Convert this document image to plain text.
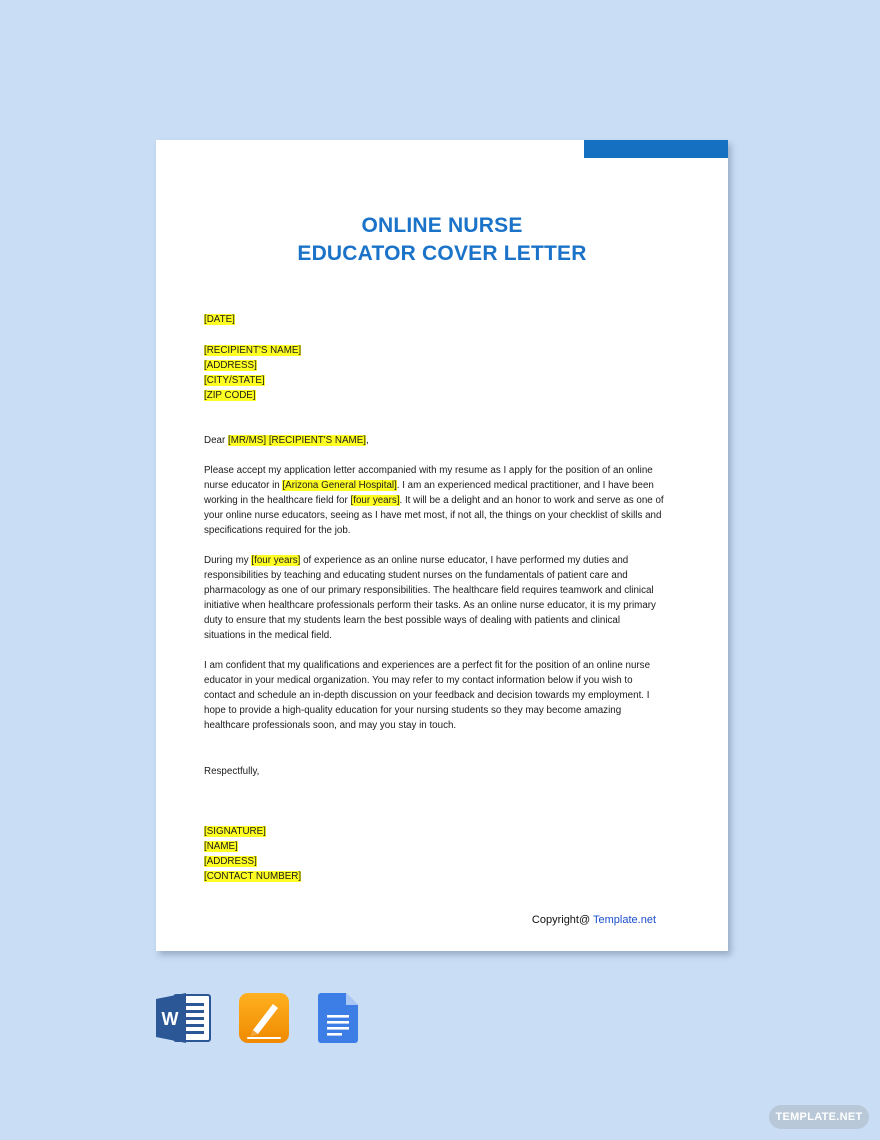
ONLINE NURSE
EDUCATOR COVER LETTER

[DATE]

[RECIPIENT'S NAME]

[ADDRESS]

[CITY/STATE]

[ZIP CODE]

Dear [MR/MS] [RECIPIENT'S NAME],

Please accept my application letter accompanied with my resume as I apply for the position of an online nurse educator in [Arizona General Hospital]. I am an experienced medical practitioner, and I have been working in the healthcare field for [four years]. It will be a delight and an honor to work and serve as one of your online nurse educators, seeing as I have met most, if not all, the things on your checklist of skills and specifications required for the job.

During my [four years] of experience as an online nurse educator, I have performed my duties and responsibilities by teaching and educating student nurses on the fundamentals of patient care and pharmacology as one of our primary responsibilities. The healthcare field requires teamwork and clinical initiative when healthcare professionals perform their tasks. As an online nurse educator, it is my primary duty to ensure that my students learn the best possible ways of dealing with patients and clinical situations in the medical field.

I am confident that my qualifications and experiences are a perfect fit for the position of an online nurse educator in your medical organization. You may refer to my contact information below if you wish to contact and schedule an in-depth discussion on your feedback and decision towards my employment. I hope to provide a high-quality education for your nursing students so they may become amazing healthcare professionals soon, and may you stay in touch.

Respectfully,

[SIGNATURE]

[NAME]

[ADDRESS]

[CONTACT NUMBER]

Copyright@ Template.net
W
TEMPLATE.NET
